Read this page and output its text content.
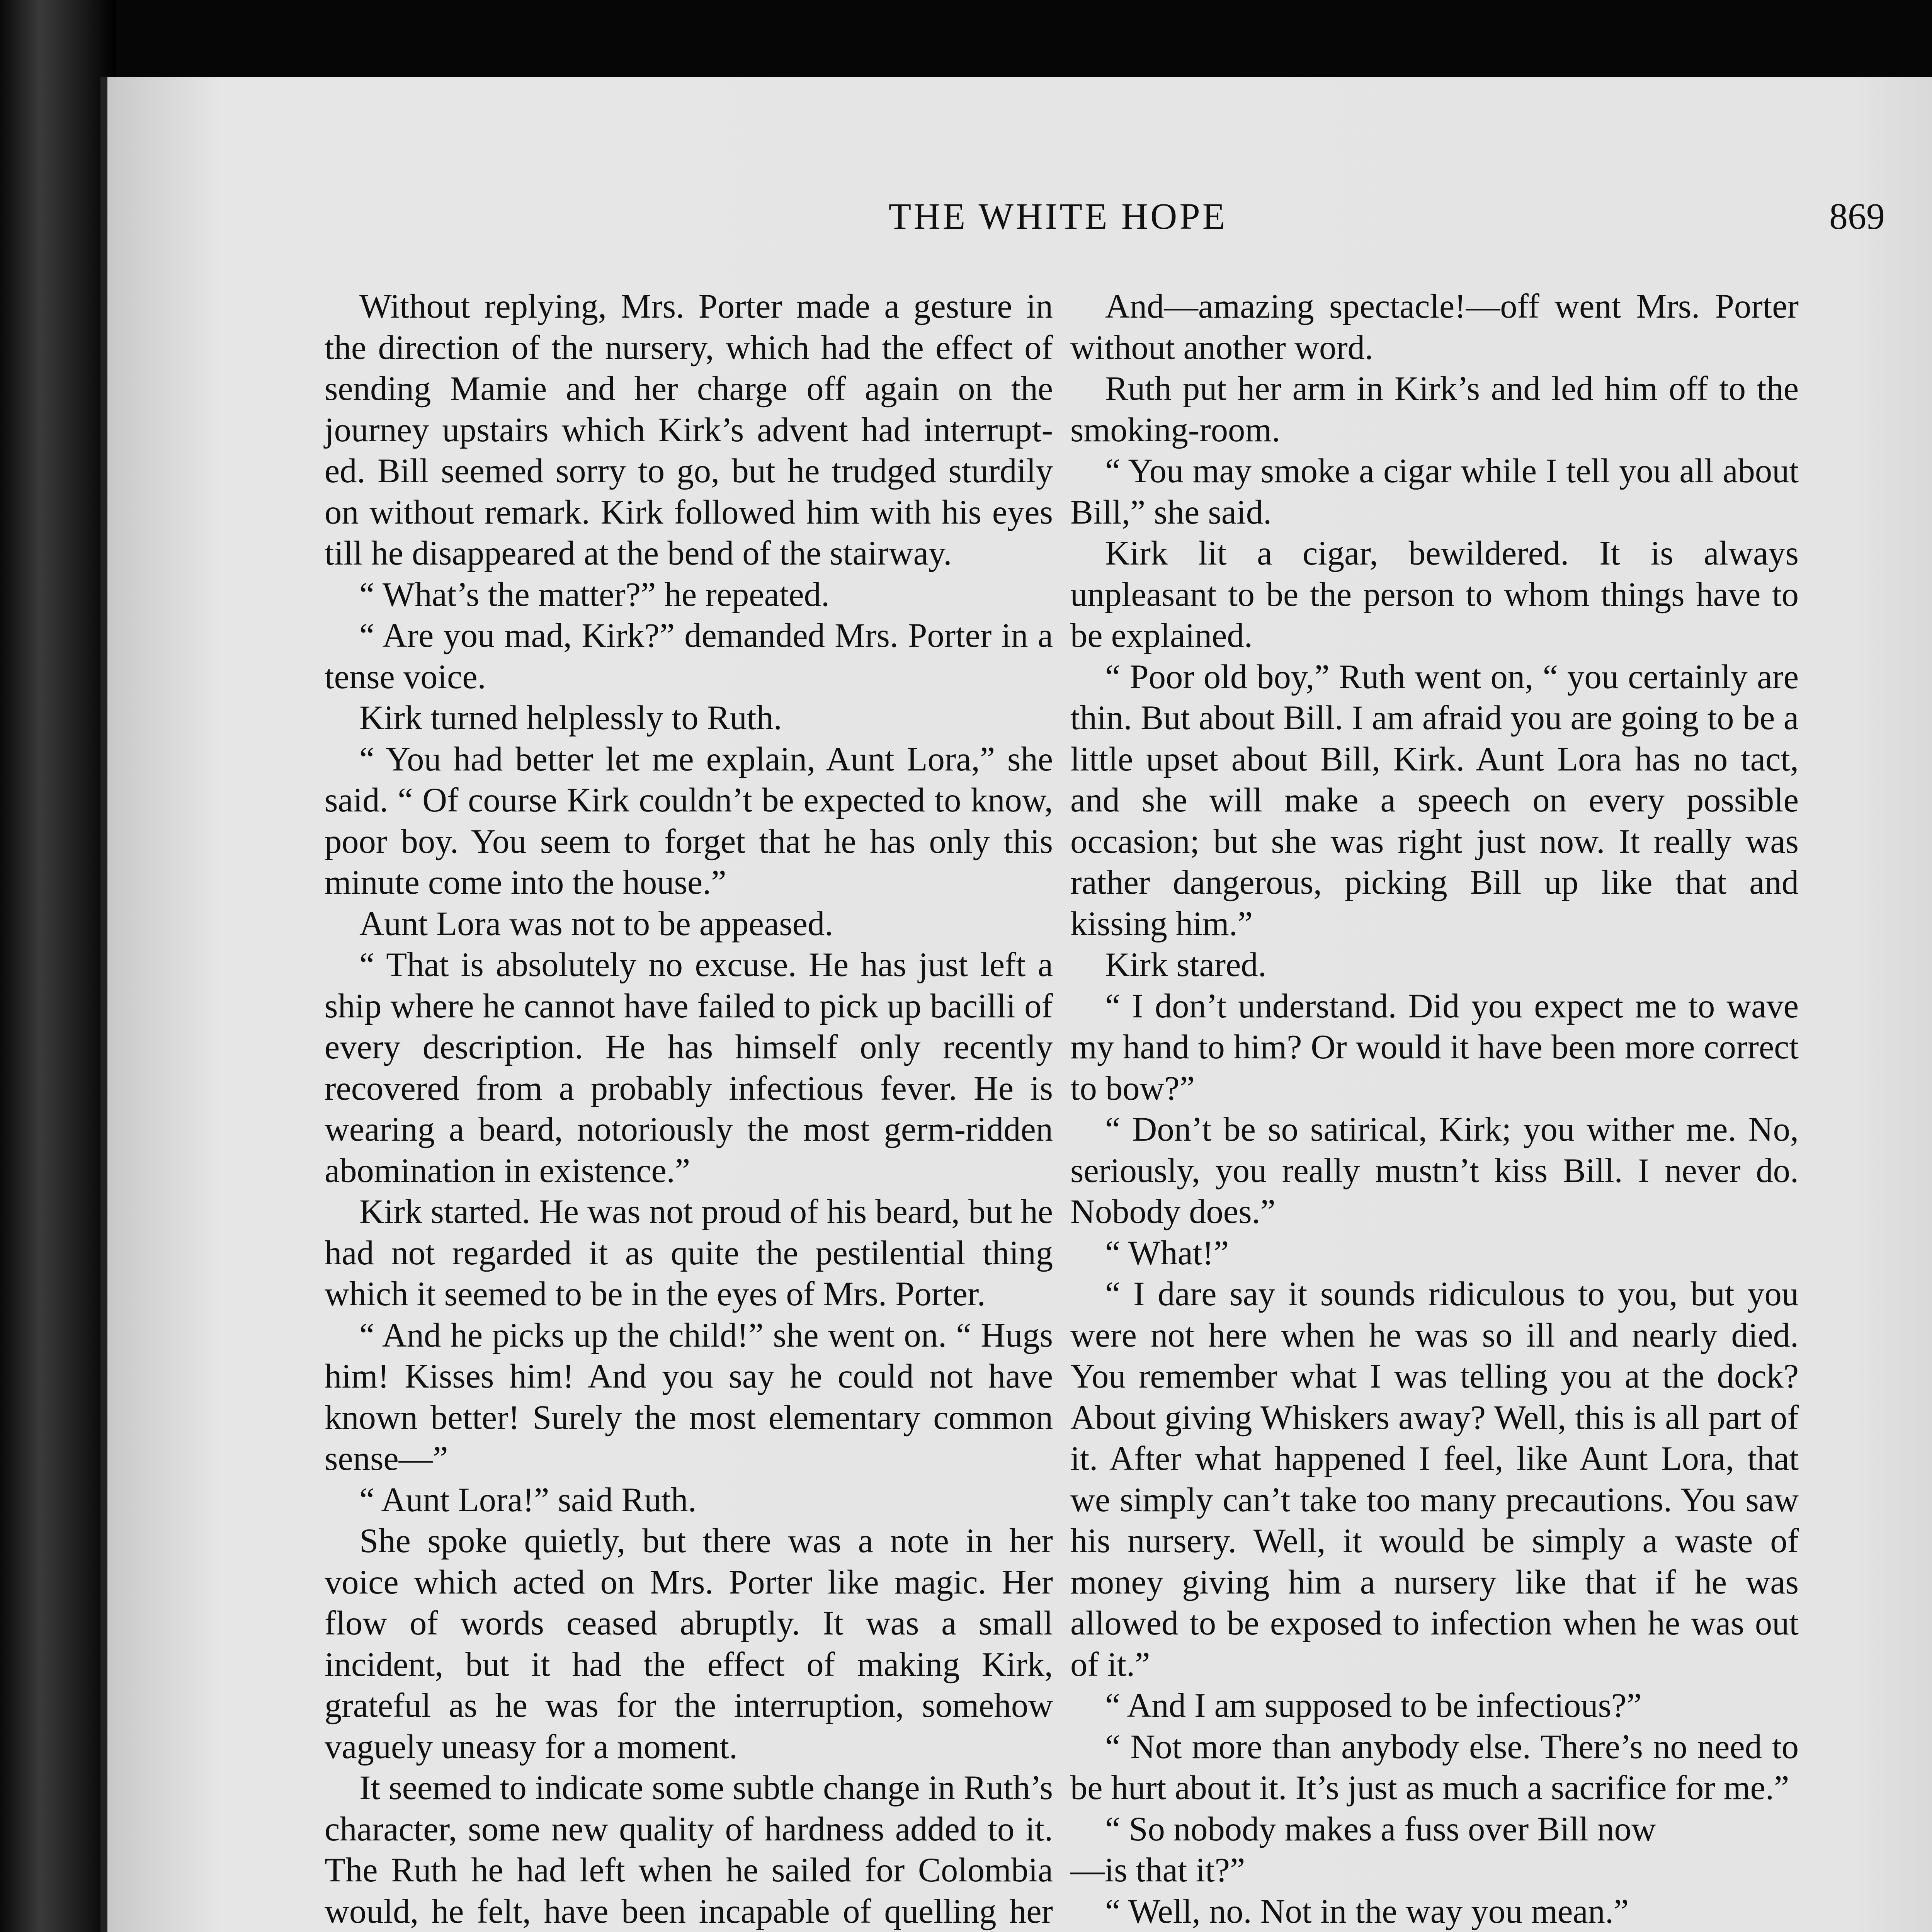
THE WHITE HOPE	869

Without replying, Mrs. Porter made a gesture in the direction of the nursery, which had the effect of sending Mamie and her charge off again on the journey upstairs which Kirk’s advent had interrupted. Bill seemed sorry to go, but he trudged sturdily on without remark. Kirk followed him with his eyes till he disappeared at the bend of the stairway.

“ What’s the matter?” he repeated.

“ Are you mad, Kirk?” demanded Mrs. Porter in a tense voice.

Kirk turned helplessly to Ruth.

“ You had better let me explain, Aunt Lora,” she said. “ Of course Kirk couldn’t be expected to know, poor boy. You seem to forget that he has only this minute come into the house.”

Aunt Lora was not to be appeased.

“ That is absolutely no excuse. He has just left a ship where he cannot have failed to pick up bacilli of every description. He has himself only recently recovered from a probably infectious fever. He is wearing a beard, notoriously the most germ-ridden abomination in existence.”

Kirk started. He was not proud of his beard, but he had not regarded it as quite the pestilential thing which it seemed to be in the eyes of Mrs. Porter.

“ And he picks up the child!” she went on. “ Hugs him! Kisses him! And you say he could not have known better! Surely the most elementary common sense—”

“ Aunt Lora!” said Ruth.

She spoke quietly, but there was a note in her voice which acted on Mrs. Porter like magic. Her flow of words ceased abruptly. It was a small incident, but it had the effect of making Kirk, grateful as he was for the interruption, somehow vaguely uneasy for a moment.

It seemed to indicate some subtle change in Ruth’s character, some new quality of hardness added to it. The Ruth he had left when he sailed for Colombia would, he felt, have been incapable of quelling her

And—amazing spectacle!—off went Mrs. Porter without another word.

Ruth put her arm in Kirk’s and led him off to the smoking-room.

“ You may smoke a cigar while I tell you all about Bill,” she said.

Kirk lit a cigar, bewildered. It is always unpleasant to be the person to whom things have to be explained.

“ Poor old boy,” Ruth went on, “ you certainly are thin. But about Bill. I am afraid you are going to be a little upset about Bill, Kirk. Aunt Lora has no tact, and she will make a speech on every possible occasion; but she was right just now. It really was rather dangerous, picking Bill up like that and kissing him.”

Kirk stared.

“ I don’t understand. Did you expect me to wave my hand to him? Or would it have been more correct to bow?”

“ Don’t be so satirical, Kirk; you wither me. No, seriously, you really mustn’t kiss Bill. I never do. Nobody does.”

“ What!”

“ I dare say it sounds ridiculous to you, but you were not here when he was so ill and nearly died. You remember what I was telling you at the dock? About giving Whiskers away? Well, this is all part of it. After what happened I feel, like Aunt Lora, that we simply can’t take too many precautions. You saw his nursery. Well, it would be simply a waste of money giving him a nursery like that if he was allowed to be exposed to infection when he was out of it.”

“ And I am supposed to be infectious?”

“ Not more than anybody else. There’s no need to be hurt about it. It’s just as much a sacrifice for me.”

“ So nobody makes a fuss over Bill now

—is that it?”

“ Well, no. Not in the way you mean.”
